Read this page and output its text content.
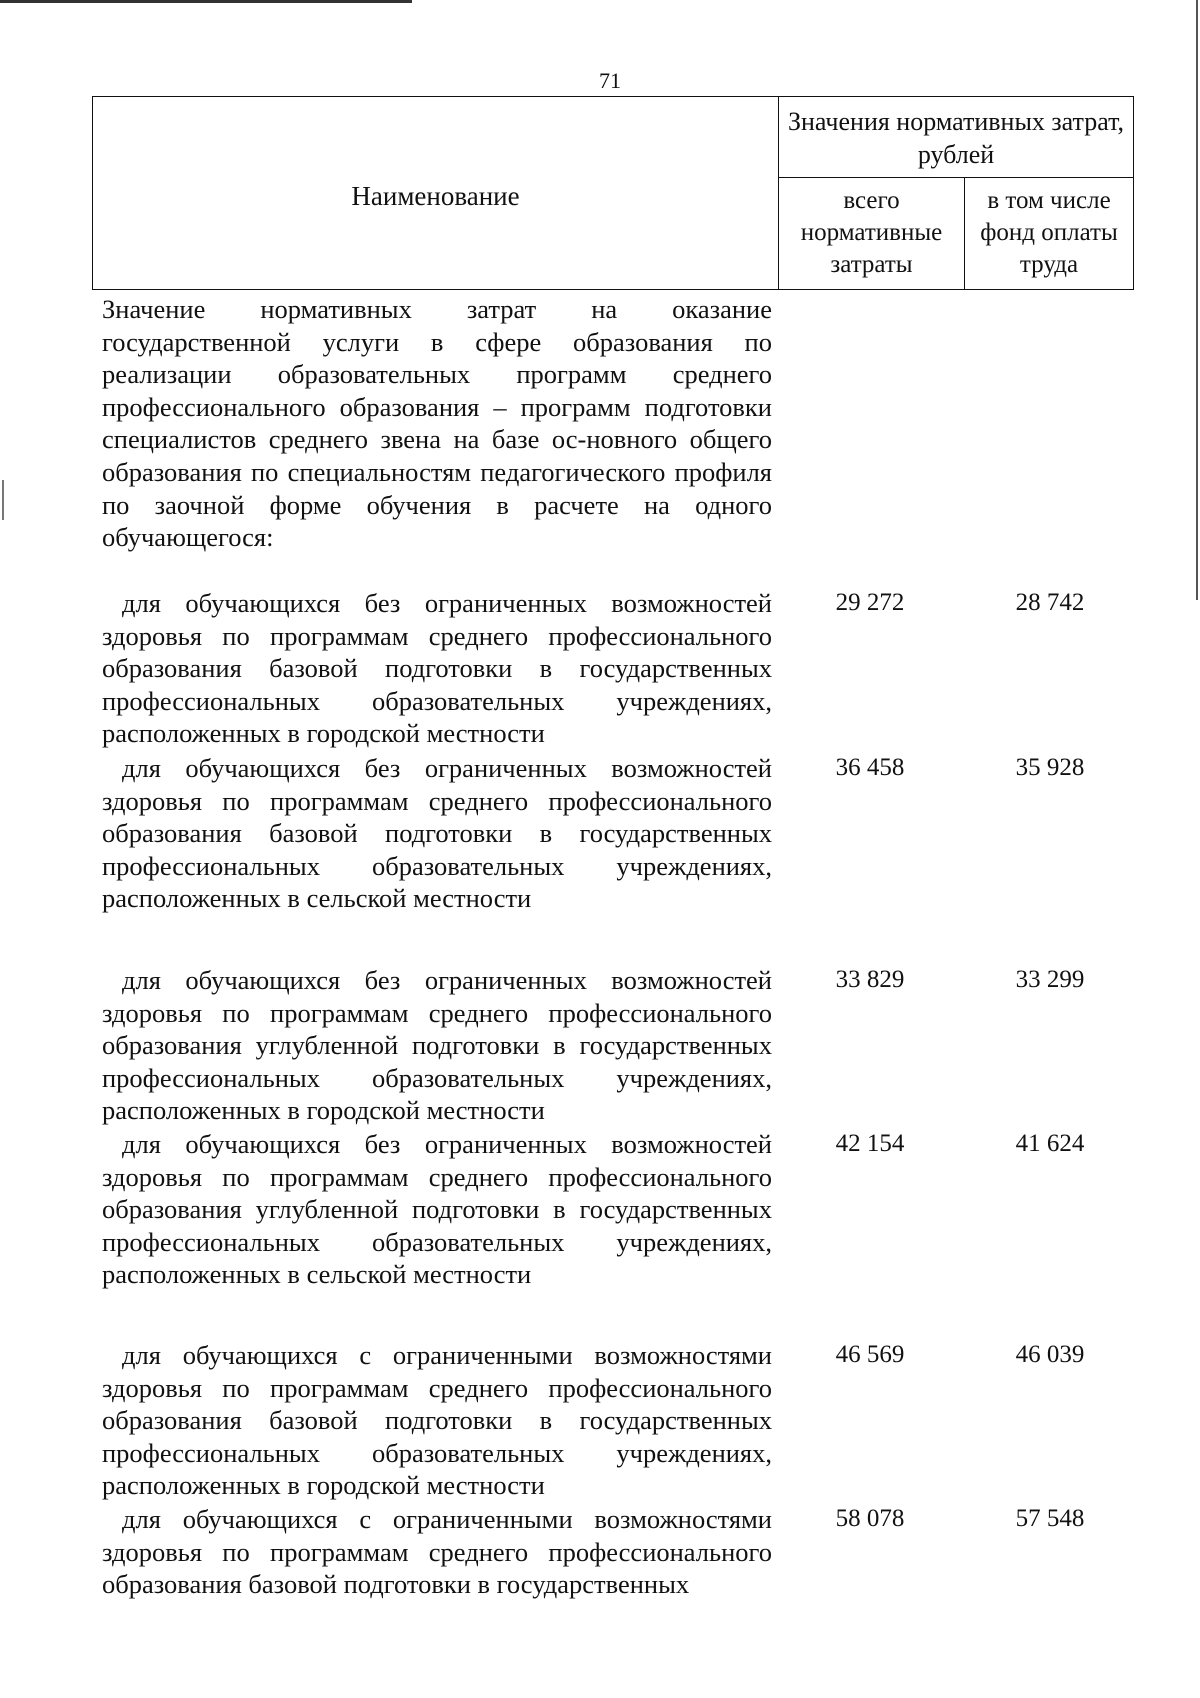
71
Наименование
Значения нормативных затрат, рублей
всего нормативные затраты
в том числе фонд оплаты труда
Значение нормативных затрат на оказание государственной услуги в сфере образования по реализации образовательных программ среднего профессионального образования – программ подготовки специалистов среднего звена на базе ос-новного общего образования по специальностям педагогического профиля по заочной форме обучения в расчете на одного обучающегося:
для обучающихся без ограниченных возможностей здоровья по программам среднего профессионального образования базовой подготовки в государственных профессиональных образовательных учреждениях, расположенных в городской местности
29 272	28 742
для обучающихся без ограниченных возможностей здоровья по программам среднего профессионального образования базовой подготовки в государственных профессиональных образовательных учреждениях, расположенных в сельской местности
36 458	35 928
для обучающихся без ограниченных возможностей здоровья по программам среднего профессионального образования углубленной подготовки в государственных профессиональных образовательных учреждениях, расположенных в городской местности
33 829	33 299
для обучающихся без ограниченных возможностей здоровья по программам среднего профессионального образования углубленной подготовки в государственных профессиональных образовательных учреждениях, расположенных в сельской местности
42 154	41 624
для обучающихся с ограниченными возможностями здоровья по программам среднего профессионального образования базовой подготовки в государственных профессиональных образовательных учреждениях, расположенных в городской местности
46 569	46 039
для обучающихся с ограниченными возможностями здоровья по программам среднего профессионального образования базовой подготовки в государственных
58 078	57 548
